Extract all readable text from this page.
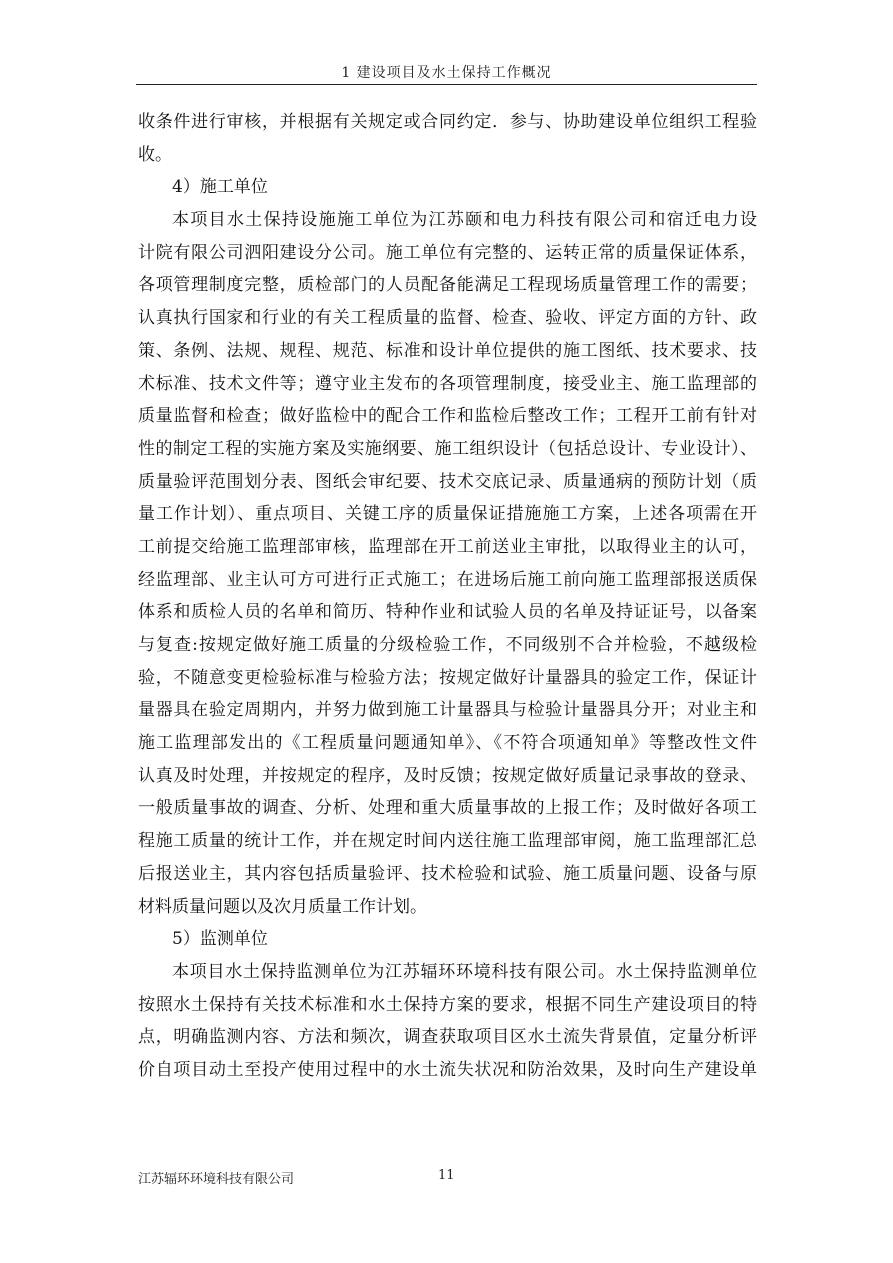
1 建设项目及水土保持工作概况
收条件进行审核，并根据有关规定或合同约定．参与、协助建设单位组织工程验
收。
4）施工单位
本项目水土保持设施施工单位为江苏颐和电力科技有限公司和宿迁电力设
计院有限公司泗阳建设分公司。施工单位有完整的、运转正常的质量保证体系，
各项管理制度完整，质检部门的人员配备能满足工程现场质量管理工作的需要；
认真执行国家和行业的有关工程质量的监督、检查、验收、评定方面的方针、政
策、条例、法规、规程、规范、标准和设计单位提供的施工图纸、技术要求、技
术标准、技术文件等；遵守业主发布的各项管理制度，接受业主、施工监理部的
质量监督和检查；做好监检中的配合工作和监检后整改工作；工程开工前有针对
性的制定工程的实施方案及实施纲要、施工组织设计（包括总设计、专业设计）、
质量验评范围划分表、图纸会审纪要、技术交底记录、质量通病的预防计划（质
量工作计划）、重点项目、关键工序的质量保证措施施工方案，上述各项需在开
工前提交给施工监理部审核，监理部在开工前送业主审批，以取得业主的认可，
经监理部、业主认可方可进行正式施工；在进场后施工前向施工监理部报送质保
体系和质检人员的名单和简历、特种作业和试验人员的名单及持证证号，以备案
与复查:按规定做好施工质量的分级检验工作，不同级别不合并检验，不越级检
验，不随意变更检验标准与检验方法；按规定做好计量器具的验定工作，保证计
量器具在验定周期内，并努力做到施工计量器具与检验计量器具分开；对业主和
施工监理部发出的《工程质量问题通知单》、《不符合项通知单》等整改性文件
认真及时处理，并按规定的程序，及时反馈；按规定做好质量记录事故的登录、
一般质量事故的调查、分析、处理和重大质量事故的上报工作；及时做好各项工
程施工质量的统计工作，并在规定时间内送往施工监理部审阅，施工监理部汇总
后报送业主，其内容包括质量验评、技术检验和试验、施工质量问题、设备与原
材料质量问题以及次月质量工作计划。
5）监测单位
本项目水土保持监测单位为江苏辐环环境科技有限公司。水土保持监测单位
按照水土保持有关技术标准和水土保持方案的要求，根据不同生产建设项目的特
点，明确监测内容、方法和频次，调查获取项目区水土流失背景值，定量分析评
价自项目动土至投产使用过程中的水土流失状况和防治效果，及时向生产建设单
江苏辐环环境科技有限公司	11
